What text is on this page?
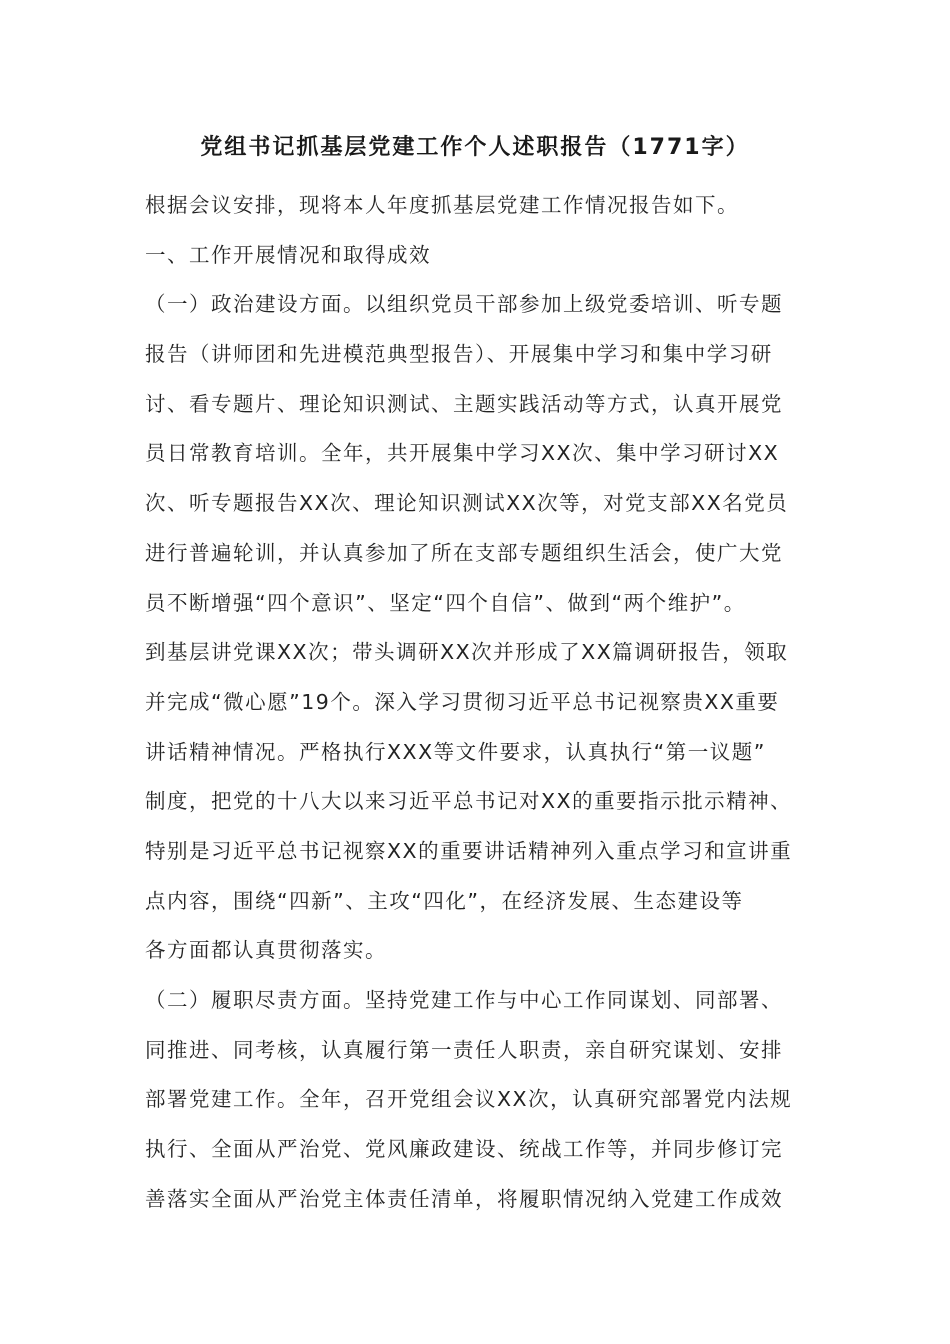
党组书记抓基层党建工作个人述职报告（1771字）
根据会议安排，现将本人年度抓基层党建工作情况报告如下。
一、工作开展情况和取得成效
（一）政治建设方面。以组织党员干部参加上级党委培训、听专题
报告（讲师团和先进模范典型报告）、开展集中学习和集中学习研
讨、看专题片、理论知识测试、主题实践活动等方式，认真开展党
员日常教育培训。全年，共开展集中学习XX次、集中学习研讨XX
次、听专题报告XX次、理论知识测试XX次等，对党支部XX名党员
进行普遍轮训，并认真参加了所在支部专题组织生活会，使广大党
员不断增强“四个意识”、坚定“四个自信”、做到“两个维护”。
到基层讲党课XX次；带头调研XX次并形成了XX篇调研报告，领取
并完成“微心愿”19个。深入学习贯彻习近平总书记视察贵XX重要
讲话精神情况。严格执行XXX等文件要求，认真执行“第一议题”
制度，把党的十八大以来习近平总书记对XX的重要指示批示精神、
特别是习近平总书记视察XX的重要讲话精神列入重点学习和宣讲重
点内容，围绕“四新”、主攻“四化”，在经济发展、生态建设等
各方面都认真贯彻落实。
（二）履职尽责方面。坚持党建工作与中心工作同谋划、同部署、
同推进、同考核，认真履行第一责任人职责，亲自研究谋划、安排
部署党建工作。全年，召开党组会议XX次，认真研究部署党内法规
执行、全面从严治党、党风廉政建设、统战工作等，并同步修订完
善落实全面从严治党主体责任清单，将履职情况纳入党建工作成效
